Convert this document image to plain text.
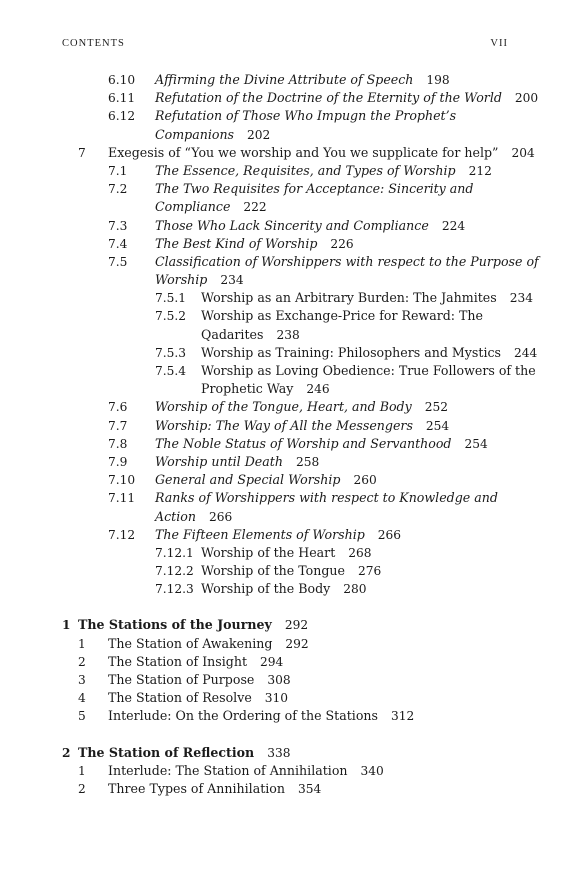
CONTENTS	VII
6.10 Affirming the Divine Attribute of Speech 198
6.11 Refutation of the Doctrine of the Eternity of the World 200
6.12 Refutation of Those Who Impugn the Prophet’s
Companions 202
7 Exegesis of “You we worship and You we supplicate for help” 204
7.1 The Essence, Requisites, and Types of Worship 212
7.2 The Two Requisites for Acceptance: Sincerity and
Compliance 222
7.3 Those Who Lack Sincerity and Compliance 224
7.4 The Best Kind of Worship 226
7.5 Classification of Worshippers with respect to the Purpose of
Worship 234
7.5.1 Worship as an Arbitrary Burden: The Jahmites 234
7.5.2 Worship as Exchange-Price for Reward: The
Qadarites 238
7.5.3 Worship as Training: Philosophers and Mystics 244
7.5.4 Worship as Loving Obedience: True Followers of the
Prophetic Way 246
7.6 Worship of the Tongue, Heart, and Body 252
7.7 Worship: The Way of All the Messengers 254
7.8 The Noble Status of Worship and Servanthood 254
7.9 Worship until Death 258
7.10 General and Special Worship 260
7.11 Ranks of Worshippers with respect to Knowledge and
Action 266
7.12 The Fifteen Elements of Worship 266
7.12.1 Worship of the Heart 268
7.12.2 Worship of the Tongue 276
7.12.3 Worship of the Body 280
1 The Stations of the Journey 292
1 The Station of Awakening 292
2 The Station of Insight 294
3 The Station of Purpose 308
4 The Station of Resolve 310
5 Interlude: On the Ordering of the Stations 312
2 The Station of Reflection 338
1 Interlude: The Station of Annihilation 340
2 Three Types of Annihilation 354
